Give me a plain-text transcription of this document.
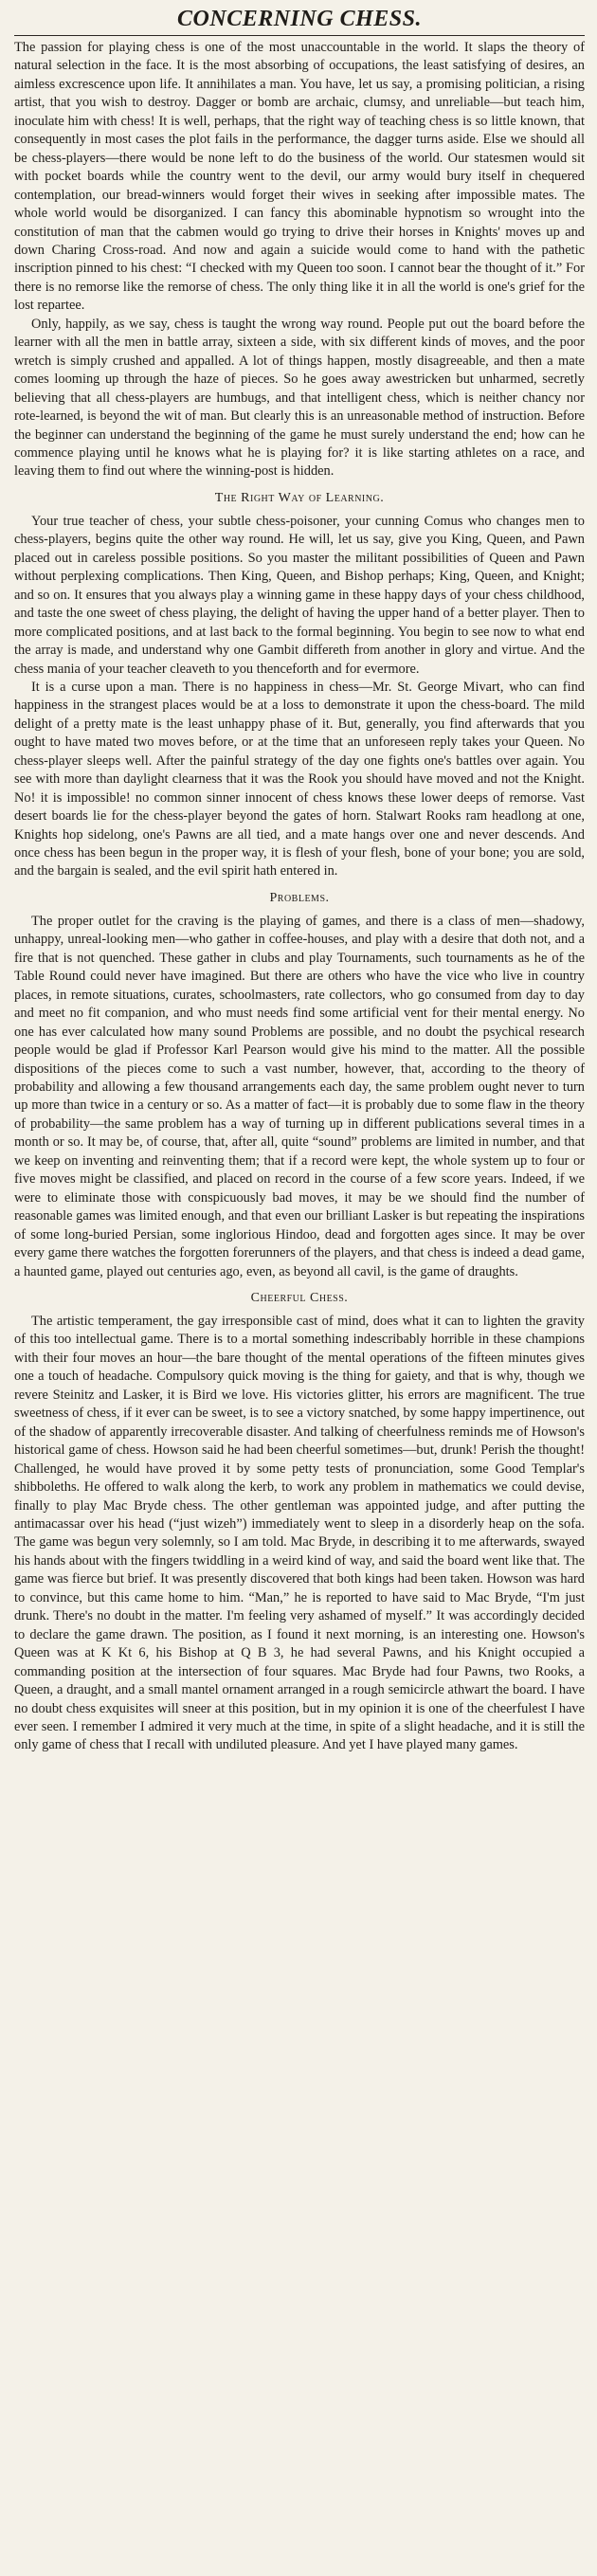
CONCERNING CHESS.

The passion for playing chess is one of the most unaccountable in the world. It slaps the theory of natural selection in the face. It is the most absorbing of occupations, the least satisfying of desires, an aimless excrescence upon life. It annihilates a man. You have, let us say, a promising politician, a rising artist, that you wish to destroy. Dagger or bomb are archaic, clumsy, and unreliable—but teach him, inoculate him with chess! It is well, perhaps, that the right way of teaching chess is so little known, that consequently in most cases the plot fails in the performance, the dagger turns aside. Else we should all be chess-players—there would be none left to do the business of the world. Our statesmen would sit with pocket boards while the country went to the devil, our army would bury itself in chequered contemplation, our bread-winners would forget their wives in seeking after impossible mates. The whole world would be disorganized. I can fancy this abominable hypnotism so wrought into the constitution of man that the cabmen would go trying to drive their horses in Knights' moves up and down Charing Cross-road. And now and again a suicide would come to hand with the pathetic inscription pinned to his chest: “I checked with my Queen too soon. I cannot bear the thought of it.” For there is no remorse like the remorse of chess. The only thing like it in all the world is one's grief for the lost repartee.

Only, happily, as we say, chess is taught the wrong way round. People put out the board before the learner with all the men in battle array, sixteen a side, with six different kinds of moves, and the poor wretch is simply crushed and appalled. A lot of things happen, mostly disagreeable, and then a mate comes looming up through the haze of pieces. So he goes away awestricken but unharmed, secretly believing that all chess-players are humbugs, and that intelligent chess, which is neither chancy nor rote-learned, is beyond the wit of man. But clearly this is an unreasonable method of instruction. Before the beginner can understand the beginning of the game he must surely understand the end; how can he commence playing until he knows what he is playing for? it is like starting athletes on a race, and leaving them to find out where the winning-post is hidden.

The Right Way of Learning.

Your true teacher of chess, your subtle chess-poisoner, your cunning Comus who changes men to chess-players, begins quite the other way round. He will, let us say, give you King, Queen, and Pawn placed out in careless possible positions. So you master the militant possibilities of Queen and Pawn without perplexing complications. Then King, Queen, and Bishop perhaps; King, Queen, and Knight; and so on. It ensures that you always play a winning game in these happy days of your chess childhood, and taste the one sweet of chess playing, the delight of having the upper hand of a better player. Then to more complicated positions, and at last back to the formal beginning. You begin to see now to what end the array is made, and understand why one Gambit differeth from another in glory and virtue. And the chess mania of your teacher cleaveth to you thenceforth and for evermore.

It is a curse upon a man. There is no happiness in chess—Mr. St. George Mivart, who can find happiness in the strangest places would be at a loss to demonstrate it upon the chess-board. The mild delight of a pretty mate is the least unhappy phase of it. But, generally, you find afterwards that you ought to have mated two moves before, or at the time that an unforeseen reply takes your Queen. No chess-player sleeps well. After the painful strategy of the day one fights one's battles over again. You see with more than daylight clearness that it was the Rook you should have moved and not the Knight. No! it is impossible! no common sinner innocent of chess knows these lower deeps of remorse. Vast desert boards lie for the chess-player beyond the gates of horn. Stalwart Rooks ram headlong at one, Knights hop sidelong, one's Pawns are all tied, and a mate hangs over one and never descends. And once chess has been begun in the proper way, it is flesh of your flesh, bone of your bone; you are sold, and the bargain is sealed, and the evil spirit hath entered in.

Problems.

The proper outlet for the craving is the playing of games, and there is a class of men—shadowy, unhappy, unreal-looking men—who gather in coffee-houses, and play with a desire that doth not, and a fire that is not quenched. These gather in clubs and play Tournaments, such tournaments as he of the Table Round could never have imagined. But there are others who have the vice who live in country places, in remote situations, curates, schoolmasters, rate collectors, who go consumed from day to day and meet no fit companion, and who must needs find some artificial vent for their mental energy. No one has ever calculated how many sound Problems are possible, and no doubt the psychical research people would be glad if Professor Karl Pearson would give his mind to the matter. All the possible dispositions of the pieces come to such a vast number, however, that, according to the theory of probability and allowing a few thousand arrangements each day, the same problem ought never to turn up more than twice in a century or so. As a matter of fact—it is probably due to some flaw in the theory of probability—the same problem has a way of turning up in different publications several times in a month or so. It may be, of course, that, after all, quite “sound” problems are limited in number, and that we keep on inventing and reinventing them; that if a record were kept, the whole system up to four or five moves might be classified, and placed on record in the course of a few score years. Indeed, if we were to eliminate those with conspicuously bad moves, it may be we should find the number of reasonable games was limited enough, and that even our brilliant Lasker is but repeating the inspirations of some long-buried Persian, some inglorious Hindoo, dead and forgotten ages since. It may be over every game there watches the forgotten forerunners of the players, and that chess is indeed a dead game, a haunted game, played out centuries ago, even, as beyond all cavil, is the game of draughts.

Cheerful Chess.

The artistic temperament, the gay irresponsible cast of mind, does what it can to lighten the gravity of this too intellectual game. There is to a mortal something indescribably horrible in these champions with their four moves an hour—the bare thought of the mental operations of the fifteen minutes gives one a touch of headache. Compulsory quick moving is the thing for gaiety, and that is why, though we revere Steinitz and Lasker, it is Bird we love. His victories glitter, his errors are magnificent. The true sweetness of chess, if it ever can be sweet, is to see a victory snatched, by some happy impertinence, out of the shadow of apparently irrecoverable disaster. And talking of cheerfulness reminds me of Howson's historical game of chess. Howson said he had been cheerful sometimes—but, drunk! Perish the thought! Challenged, he would have proved it by some petty tests of pronunciation, some Good Templar's shibboleths. He offered to walk along the kerb, to work any problem in mathematics we could devise, finally to play Mac Bryde chess. The other gentleman was appointed judge, and after putting the antimacassar over his head (“just wizeh”) immediately went to sleep in a disorderly heap on the sofa. The game was begun very solemnly, so I am told. Mac Bryde, in describing it to me afterwards, swayed his hands about with the fingers twiddling in a weird kind of way, and said the board went like that. The game was fierce but brief. It was presently discovered that both kings had been taken. Howson was hard to convince, but this came home to him. “Man,” he is reported to have said to Mac Bryde, “I'm just drunk. There's no doubt in the matter. I'm feeling very ashamed of myself.” It was accordingly decided to declare the game drawn. The position, as I found it next morning, is an interesting one. Howson's Queen was at K Kt 6, his Bishop at Q B 3, he had several Pawns, and his Knight occupied a commanding position at the intersection of four squares. Mac Bryde had four Pawns, two Rooks, a Queen, a draught, and a small mantel ornament arranged in a rough semicircle athwart the board. I have no doubt chess exquisites will sneer at this position, but in my opinion it is one of the cheerfulest I have ever seen. I remember I admired it very much at the time, in spite of a slight headache, and it is still the only game of chess that I recall with undiluted pleasure. And yet I have played many games.
